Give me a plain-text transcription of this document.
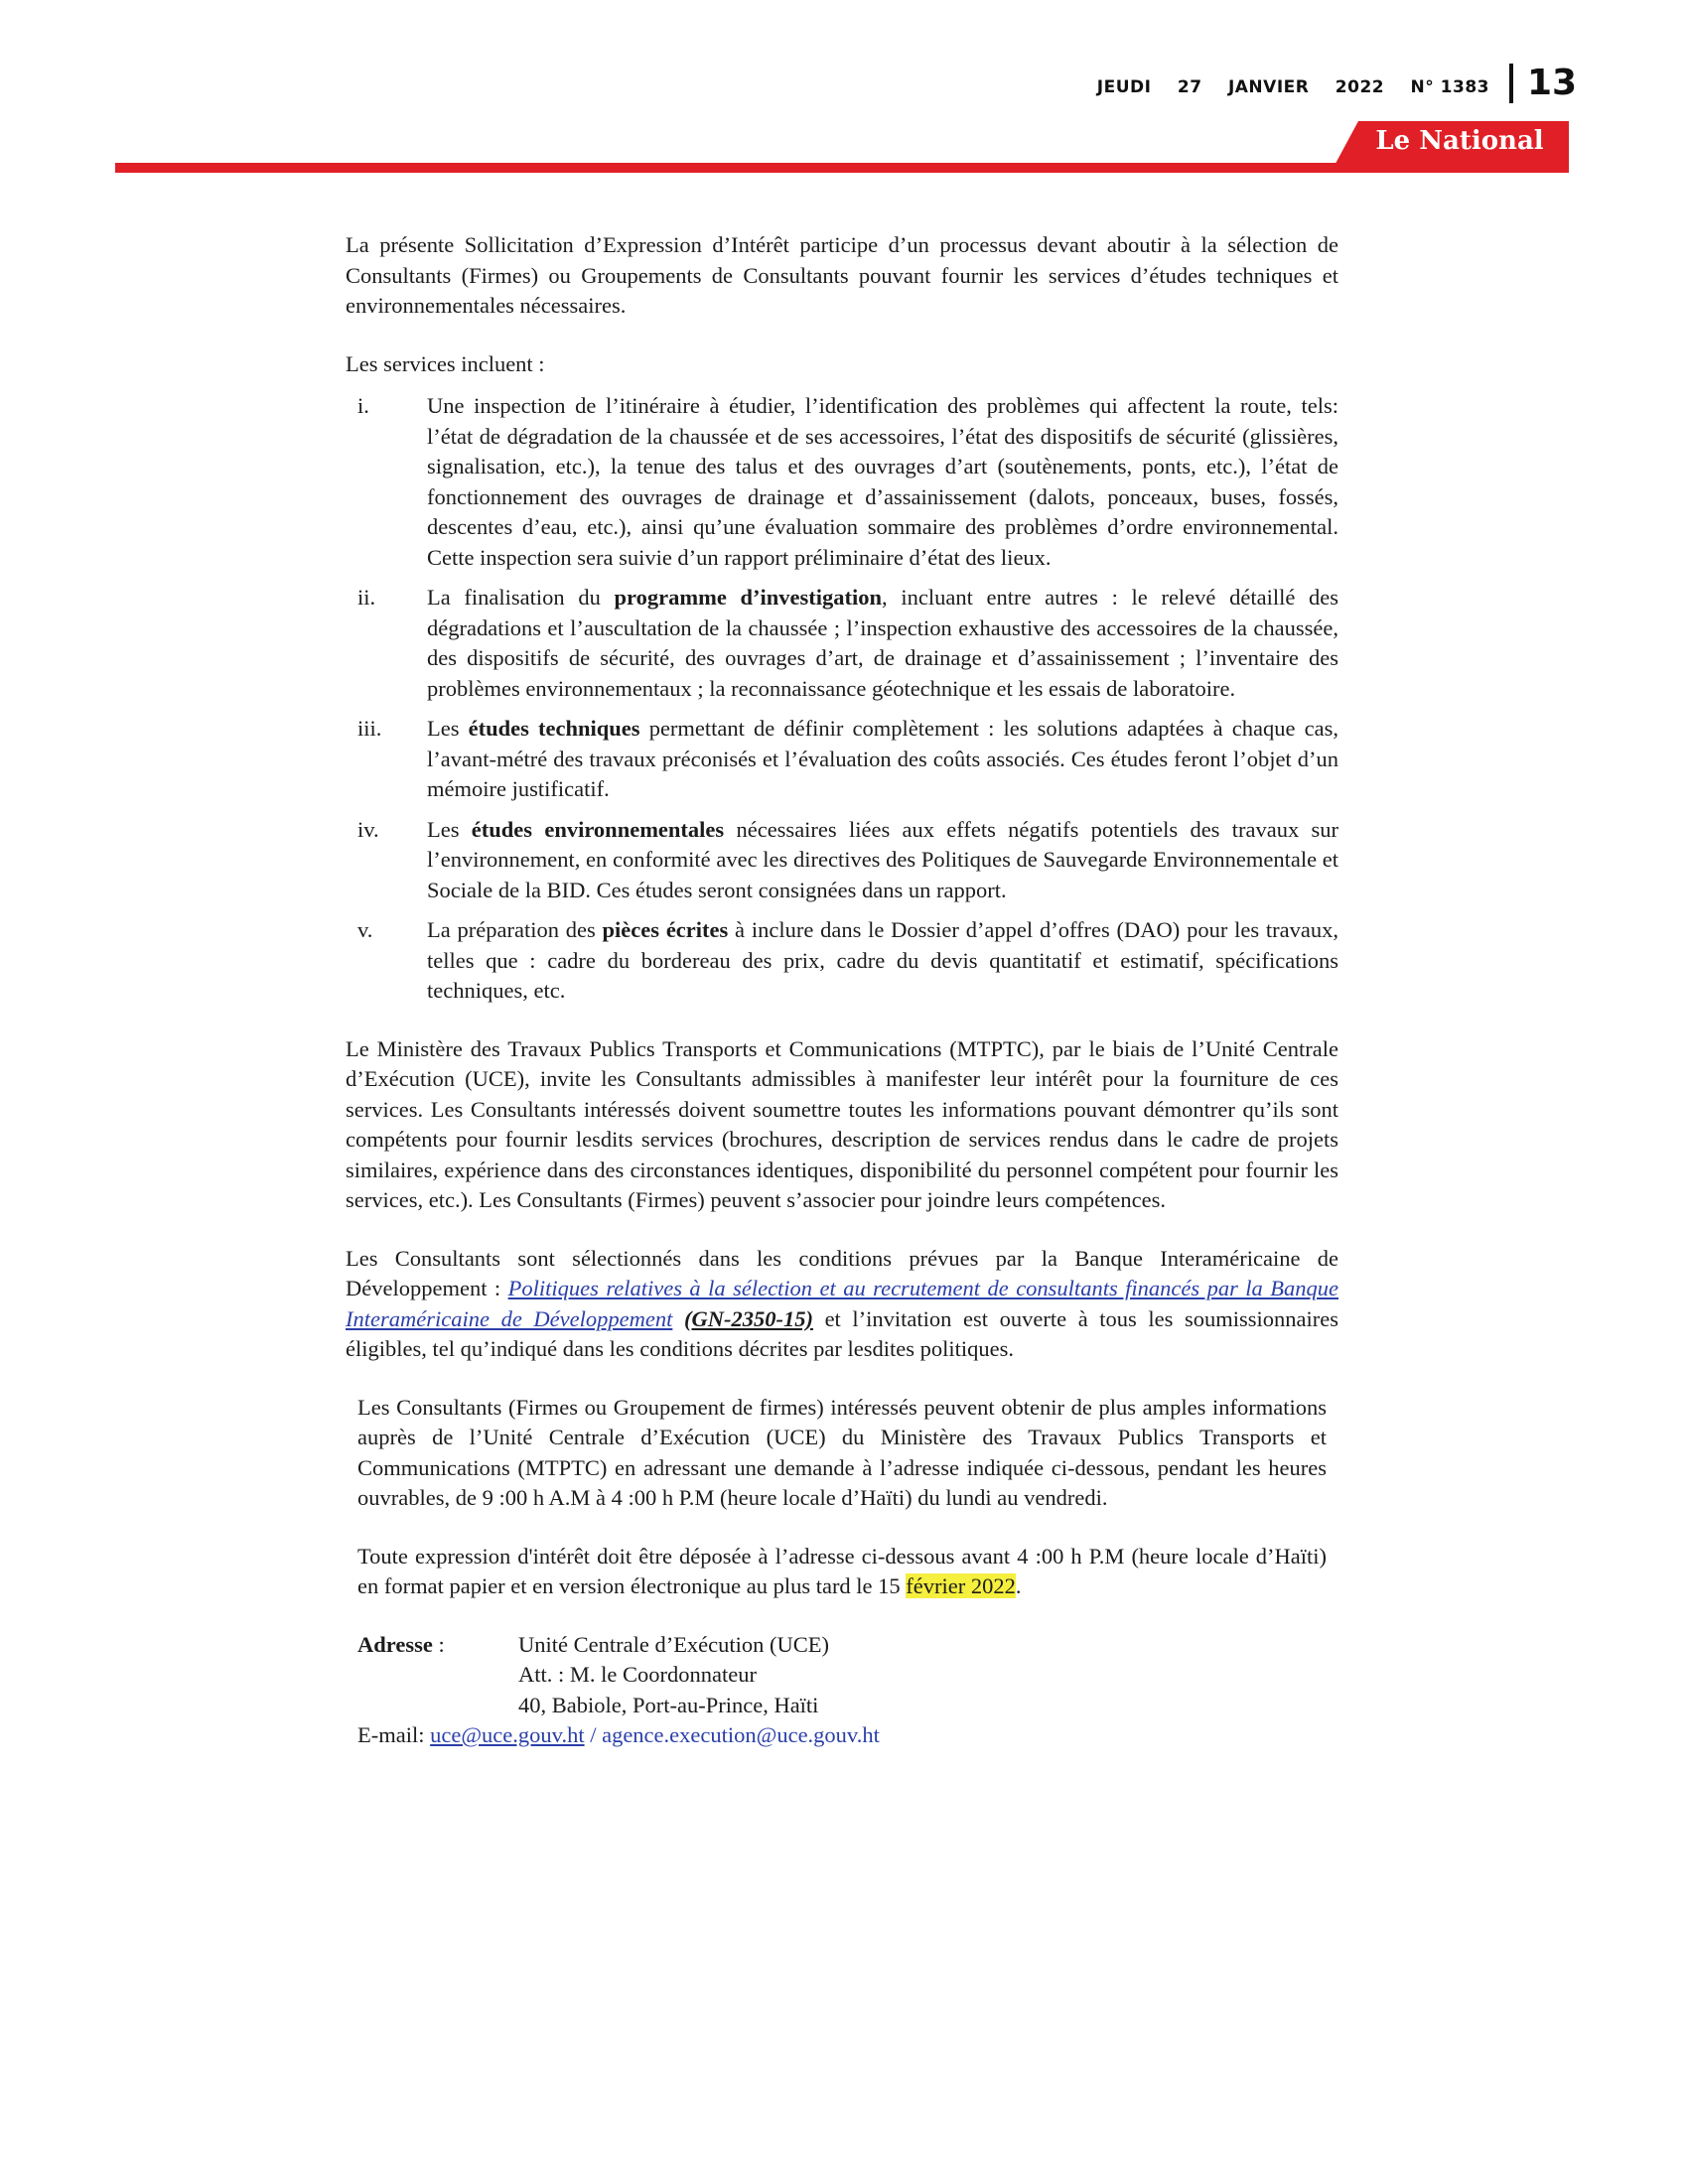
JEUDI 27 JANVIER 2022 N° 1383	13
Le National

La présente Sollicitation d’Expression d’Intérêt participe d’un processus devant aboutir à la sélection de Consultants (Firmes) ou Groupements de Consultants pouvant fournir les services d’études techniques et environnementales nécessaires.

Les services incluent :

i.	Une inspection de l’itinéraire à étudier, l’identification des problèmes qui affectent la route, tels: l’état de dégradation de la chaussée et de ses accessoires, l’état des dispositifs de sécurité (glissières, signalisation, etc.), la tenue des talus et des ouvrages d’art (soutènements, ponts, etc.), l’état de fonctionnement des ouvrages de drainage et d’assainissement (dalots, ponceaux, buses, fossés, descentes d’eau, etc.), ainsi qu’une évaluation sommaire des problèmes d’ordre environnemental. Cette inspection sera suivie d’un rapport préliminaire d’état des lieux.
ii.	La finalisation du programme d’investigation, incluant entre autres : le relevé détaillé des dégradations et l’auscultation de la chaussée ; l’inspection exhaustive des accessoires de la chaussée, des dispositifs de sécurité, des ouvrages d’art, de drainage et d’assainissement ; l’inventaire des problèmes environnementaux ; la reconnaissance géotechnique et les essais de laboratoire.
iii.	Les études techniques permettant de définir complètement : les solutions adaptées à chaque cas, l’avant-métré des travaux préconisés et l’évaluation des coûts associés. Ces études feront l’objet d’un mémoire justificatif.
iv.	Les études environnementales nécessaires liées aux effets négatifs potentiels des travaux sur l’environnement, en conformité avec les directives des Politiques de Sauvegarde Environnementale et Sociale de la BID. Ces études seront consignées dans un rapport.
v.	La préparation des pièces écrites à inclure dans le Dossier d’appel d’offres (DAO) pour les travaux, telles que : cadre du bordereau des prix, cadre du devis quantitatif et estimatif, spécifications techniques, etc.

Le Ministère des Travaux Publics Transports et Communications (MTPTC), par le biais de l’Unité Centrale d’Exécution (UCE), invite les Consultants admissibles à manifester leur intérêt pour la fourniture de ces services. Les Consultants intéressés doivent soumettre toutes les informations pouvant démontrer qu’ils sont compétents pour fournir lesdits services (brochures, description de services rendus dans le cadre de projets similaires, expérience dans des circonstances identiques, disponibilité du personnel compétent pour fournir les services, etc.). Les Consultants (Firmes) peuvent s’associer pour joindre leurs compétences.

Les Consultants sont sélectionnés dans les conditions prévues par la Banque Interaméricaine de Développement : Politiques relatives à la sélection et au recrutement de consultants financés par la Banque Interaméricaine de Développement (GN-2350-15) et l’invitation est ouverte à tous les soumissionnaires éligibles, tel qu’indiqué dans les conditions décrites par lesdites politiques.

Les Consultants (Firmes ou Groupement de firmes) intéressés peuvent obtenir de plus amples informations auprès de l’Unité Centrale d’Exécution (UCE) du Ministère des Travaux Publics Transports et Communications (MTPTC) en adressant une demande à l’adresse indiquée ci-dessous, pendant les heures ouvrables, de 9 :00 h A.M à 4 :00 h P.M (heure locale d’Haïti) du lundi au vendredi.

Toute expression d'intérêt doit être déposée à l’adresse ci-dessous avant 4 :00 h P.M (heure locale d’Haïti) en format papier et en version électronique au plus tard le 15 février 2022.

Adresse :	Unité Centrale d’Exécution (UCE)
Att. : M. le Coordonnateur
40, Babiole, Port-au-Prince, Haïti
E-mail: uce@uce.gouv.ht / agence.execution@uce.gouv.ht
